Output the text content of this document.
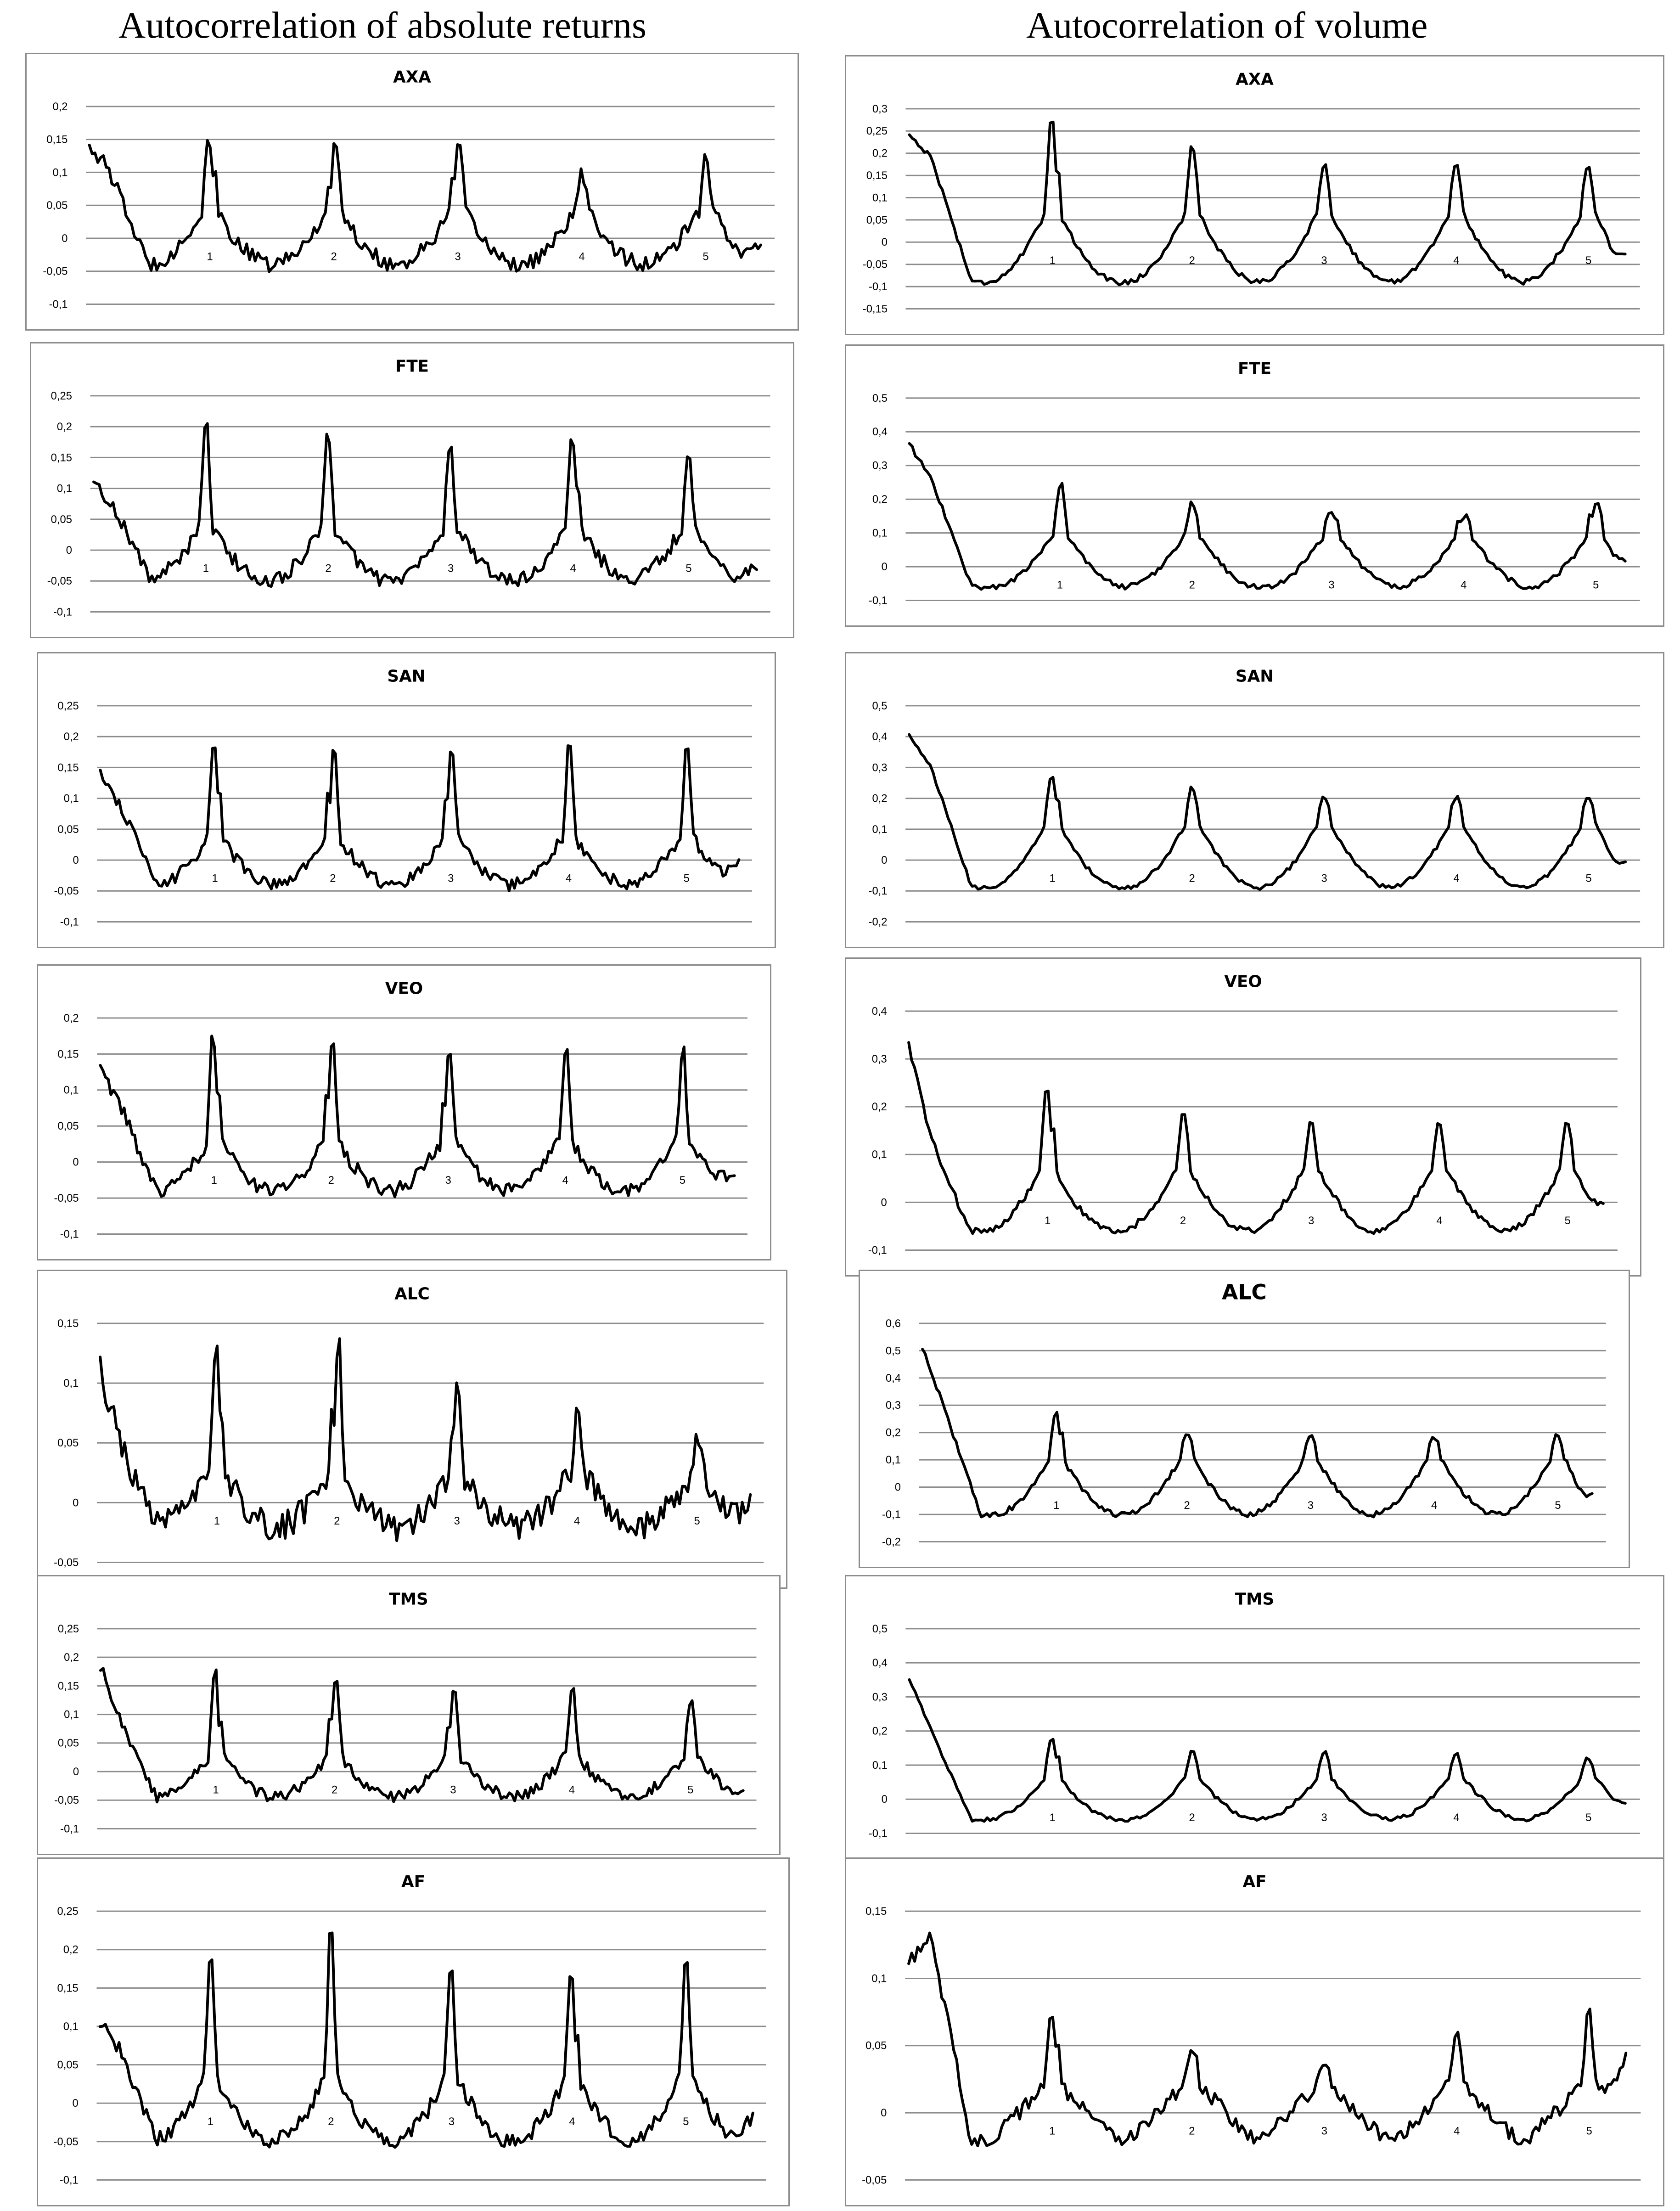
Autocorrelation of absolute returns	Autocorrelation of volume
AXA
0,2
0,15
0,1
0,05
0
-0,05
-0,1
1	2	3	4	5
AXA
0,3
0,25
0,2
0,15
0,1
0,05
0
-0,05
-0,1
-0,15
1	2	3	4	5
FTE
0,25
0,2
0,15
0,1
0,05
0
-0,05
-0,1
1	2	3	4	5
FTE
0,5
0,4
0,3
0,2
0,1
0
-0,1
1	2	3	4	5
SAN
0,25
0,2
0,15
0,1
0,05
0
-0,05
-0,1
1	2	3	4	5
SAN
0,5
0,4
0,3
0,2
0,1
0
-0,1
-0,2
1	2	3	4	5
VEO
0,2
0,15
0,1
0,05
0
-0,05
-0,1
1	2	3	4	5
VEO
0,4
0,3
0,2
0,1
0
-0,1
1	2	3	4	5
ALC
0,15
0,1
0,05
0
-0,05
1	2	3	4	5
ALC
0,6
0,5
0,4
0,3
0,2
0,1
0
-0,1
-0,2
1	2	3	4	5
TMS
0,25
0,2
0,15
0,1
0,05
0
-0,05
-0,1
1	2	3	4	5
TMS
0,5
0,4
0,3
0,2
0,1
0
-0,1
1	2	3	4	5
AF
0,25
0,2
0,15
0,1
0,05
0
-0,05
-0,1
1	2	3	4	5
AF
0,15
0,1
0,05
0
-0,05
1	2	3	4	5
